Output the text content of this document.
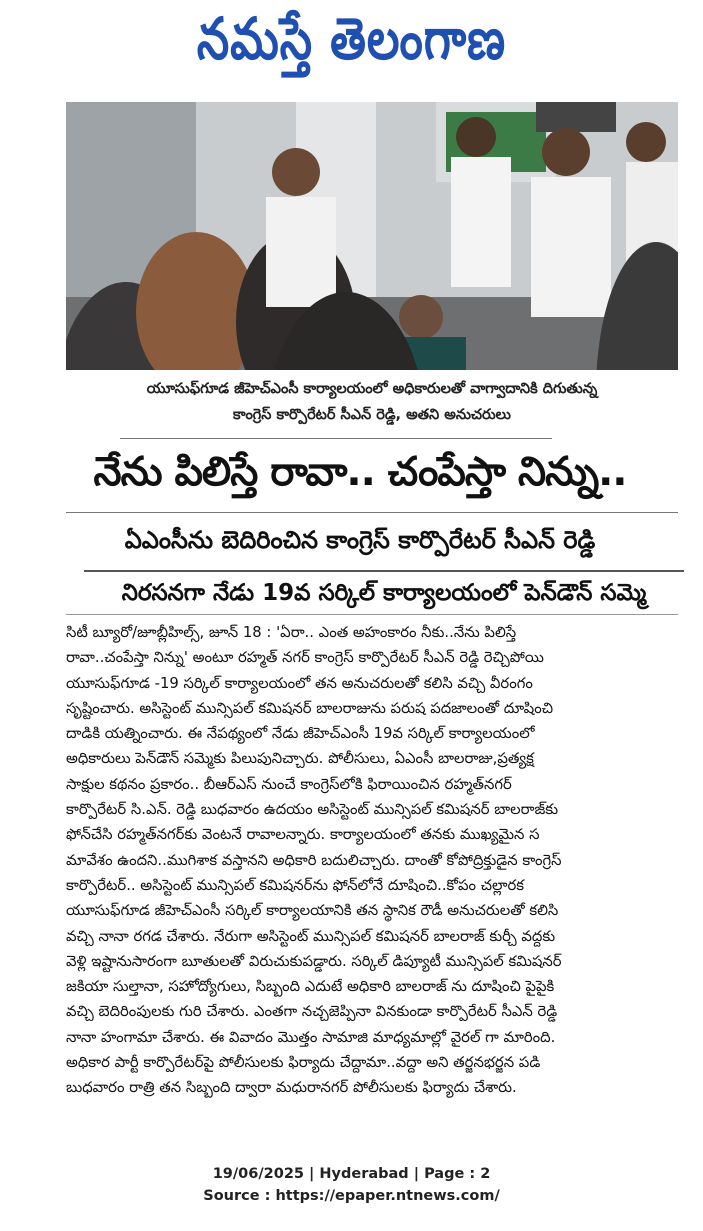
నమస్తే తెలంగాణ
యూసుఫ్‌గూడ జీహెచ్‌ఎంసీ కార్యాలయంలో అధికారులతో వాగ్వాదానికి దిగుతున్న
కాంగ్రెస్ కార్పొరేటర్ సీఎన్ రెడ్డి, అతని అనుచరులు
నేను పిలిస్తే రావా.. చంపేస్తా నిన్ను..
ఏఎంసీను బెదిరించిన కాంగ్రెస్ కార్పొరేటర్ సీఎన్ రెడ్డి
నిరసనగా నేడు 19వ సర్కిల్ కార్యాలయంలో పెన్‌డౌన్ సమ్మె
సిటీ బ్యూరో/జూబ్లీహిల్స్, జూన్ 18 : 'ఏరా.. ఎంత అహంకారం నీకు..నేను పిలిస్తే
రావా..చంపేస్తా నిన్ను' అంటూ రహ్మత్ నగర్ కాంగ్రెస్ కార్పొరేటర్ సీఎన్ రెడ్డి రెచ్చిపోయి
యూసుఫ్‌గూడ -19 సర్కిల్ కార్యాలయంలో తన అనుచరులతో కలిసి వచ్చి వీరంగం
సృష్టించారు. అసిస్టెంట్ మున్సిపల్ కమిషనర్ బాలరాజును పరుష పదజాలంతో దూషించి
దాడికి యత్నించారు. ఈ నేపథ్యంలో నేడు జీహెచ్‌ఎంసీ 19వ సర్కిల్ కార్యాలయంలో
అధికారులు పెన్‌డౌన్ సమ్మెకు పిలుపునిచ్చారు. పోలీసులు, ఏఎంసీ బాలరాజు,ప్రత్యక్ష
సాక్షుల కథనం ప్రకారం.. బీఆర్‌ఎస్ నుంచే కాంగ్రెస్‌లోకి ఫిరాయించిన రహ్మత్‌నగర్
కార్పొరేటర్ సి.ఎన్. రెడ్డి బుధవారం ఉదయం అసిస్టెంట్ మున్సిపల్ కమిషనర్ బాలరాజ్‌కు
ఫోన్‌చేసి రహ్మత్‌నగర్‌కు వెంటనే రావాలన్నారు. కార్యాలయంలో తనకు ముఖ్యమైన స
మావేశం ఉందని..ముగిశాక వస్తానని అధికారి బదులిచ్చారు. దాంతో కోపోద్రిక్తుడైన కాంగ్రెస్
కార్పొరేటర్.. అసిస్టెంట్ మున్సిపల్ కమిషనర్‌ను ఫోన్‌లోనే దూషించి..కోపం చల్లారక
యూసుఫ్‌గూడ జీహెచ్‌ఎంసీ సర్కిల్ కార్యాలయానికి తన స్థానిక రౌడీ అనుచరులతో కలిసి
వచ్చి నానా రగడ చేశారు. నేరుగా అసిస్టెంట్ మున్సిపల్ కమిషనర్ బాలరాజ్ కుర్చీ వద్దకు
వెళ్లి ఇష్టానుసారంగా బూతులతో విరుచుకుపడ్డారు. సర్కిల్ డిప్యూటీ మున్సిపల్ కమిషనర్
జకియా సుల్తానా, సహోద్యోగులు, సిబ్బంది ఎదుటే అధికారి బాలరాజ్ ను దూషించి పైపైకి
వచ్చి బెదిరింపులకు గురి చేశారు. ఎంతగా నచ్చజెప్పినా వినకుండా కార్పొరేటర్ సీఎన్ రెడ్డి
నానా హంగామా చేశారు. ఈ వివాదం మొత్తం సామాజి మాధ్యమాల్లో వైరల్ గా మారింది.
అధికార పార్టీ కార్పొరేటర్‌పై పోలీసులకు ఫిర్యాదు చేద్దామా..వద్దా అని తర్జనభర్జన పడి
బుధవారం రాత్రి తన సిబ్బంది ద్వారా మధురానగర్ పోలీసులకు ఫిర్యాదు చేశారు.
19/06/2025 | Hyderabad | Page : 2
Source : https://epaper.ntnews.com/
